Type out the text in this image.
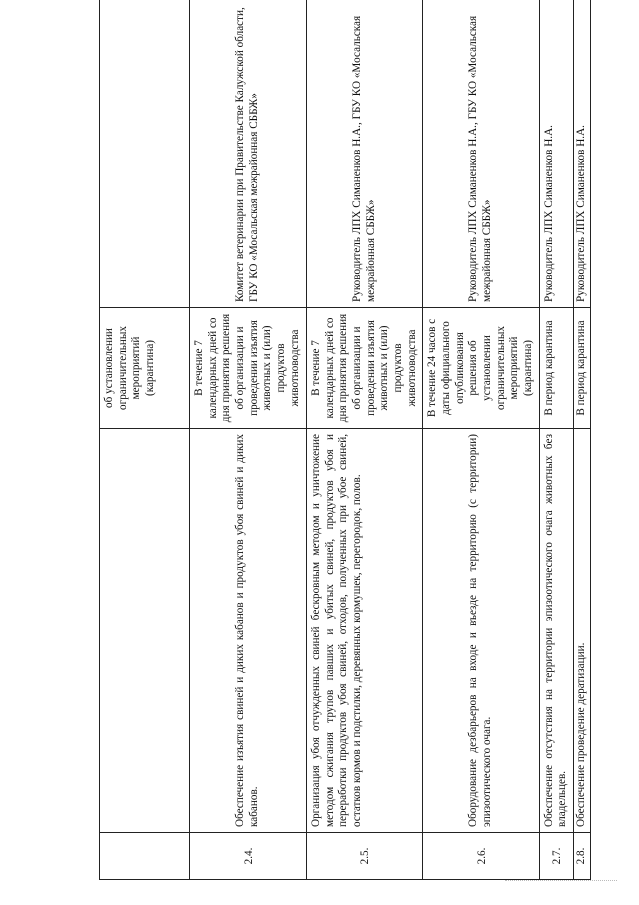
		об установлении ограничительных мероприятий (карантина)	
2.4.	Обеспечение изъятия свиней и диких кабанов и продуктов убоя свиней и диких кабанов.	В течение 7 календарных дней со дня принятия решения об организации и проведении изъятия животных и (или) продуктов животноводства	Комитет ветеринарии при Правительстве Калужской области, ГБУ КО «Мосальская межрайонная СББЖ»
2.5.	Организация убоя отчужденных свиней бескровным методом и уничтожение методом сжигания трупов павших и убитых свиней, продуктов убоя и переработки продуктов убоя свиней, отходов, полученных при убое свиней, остатков кормов и подстилки, деревянных кормушек, перегородок, полов.	В течение 7 календарных дней со дня принятия решения об организации и проведении изъятия животных и (или) продуктов животноводства	Руководитель ЛПХ Симаненков Н.А., ГБУ КО «Мосальская межрайонная СББЖ»
2.6.	Оборудование дезбарьеров на входе и въезде на территорию (с территории) эпизоотического очага.	В течение 24 часов с даты официального опубликования решения об установлении ограничительных мероприятий (карантина)	Руководитель ЛПХ Симаненков Н.А., ГБУ КО «Мосальская межрайонная СББЖ»
2.7.	Обеспечение отсутствия на территории эпизоотического очага животных без владельцев.	В период карантина	Руководитель ЛПХ Симаненков Н.А.
2.8.	Обеспечение проведение дератизации.	В период карантина	Руководитель ЛПХ Симаненков Н.А.
